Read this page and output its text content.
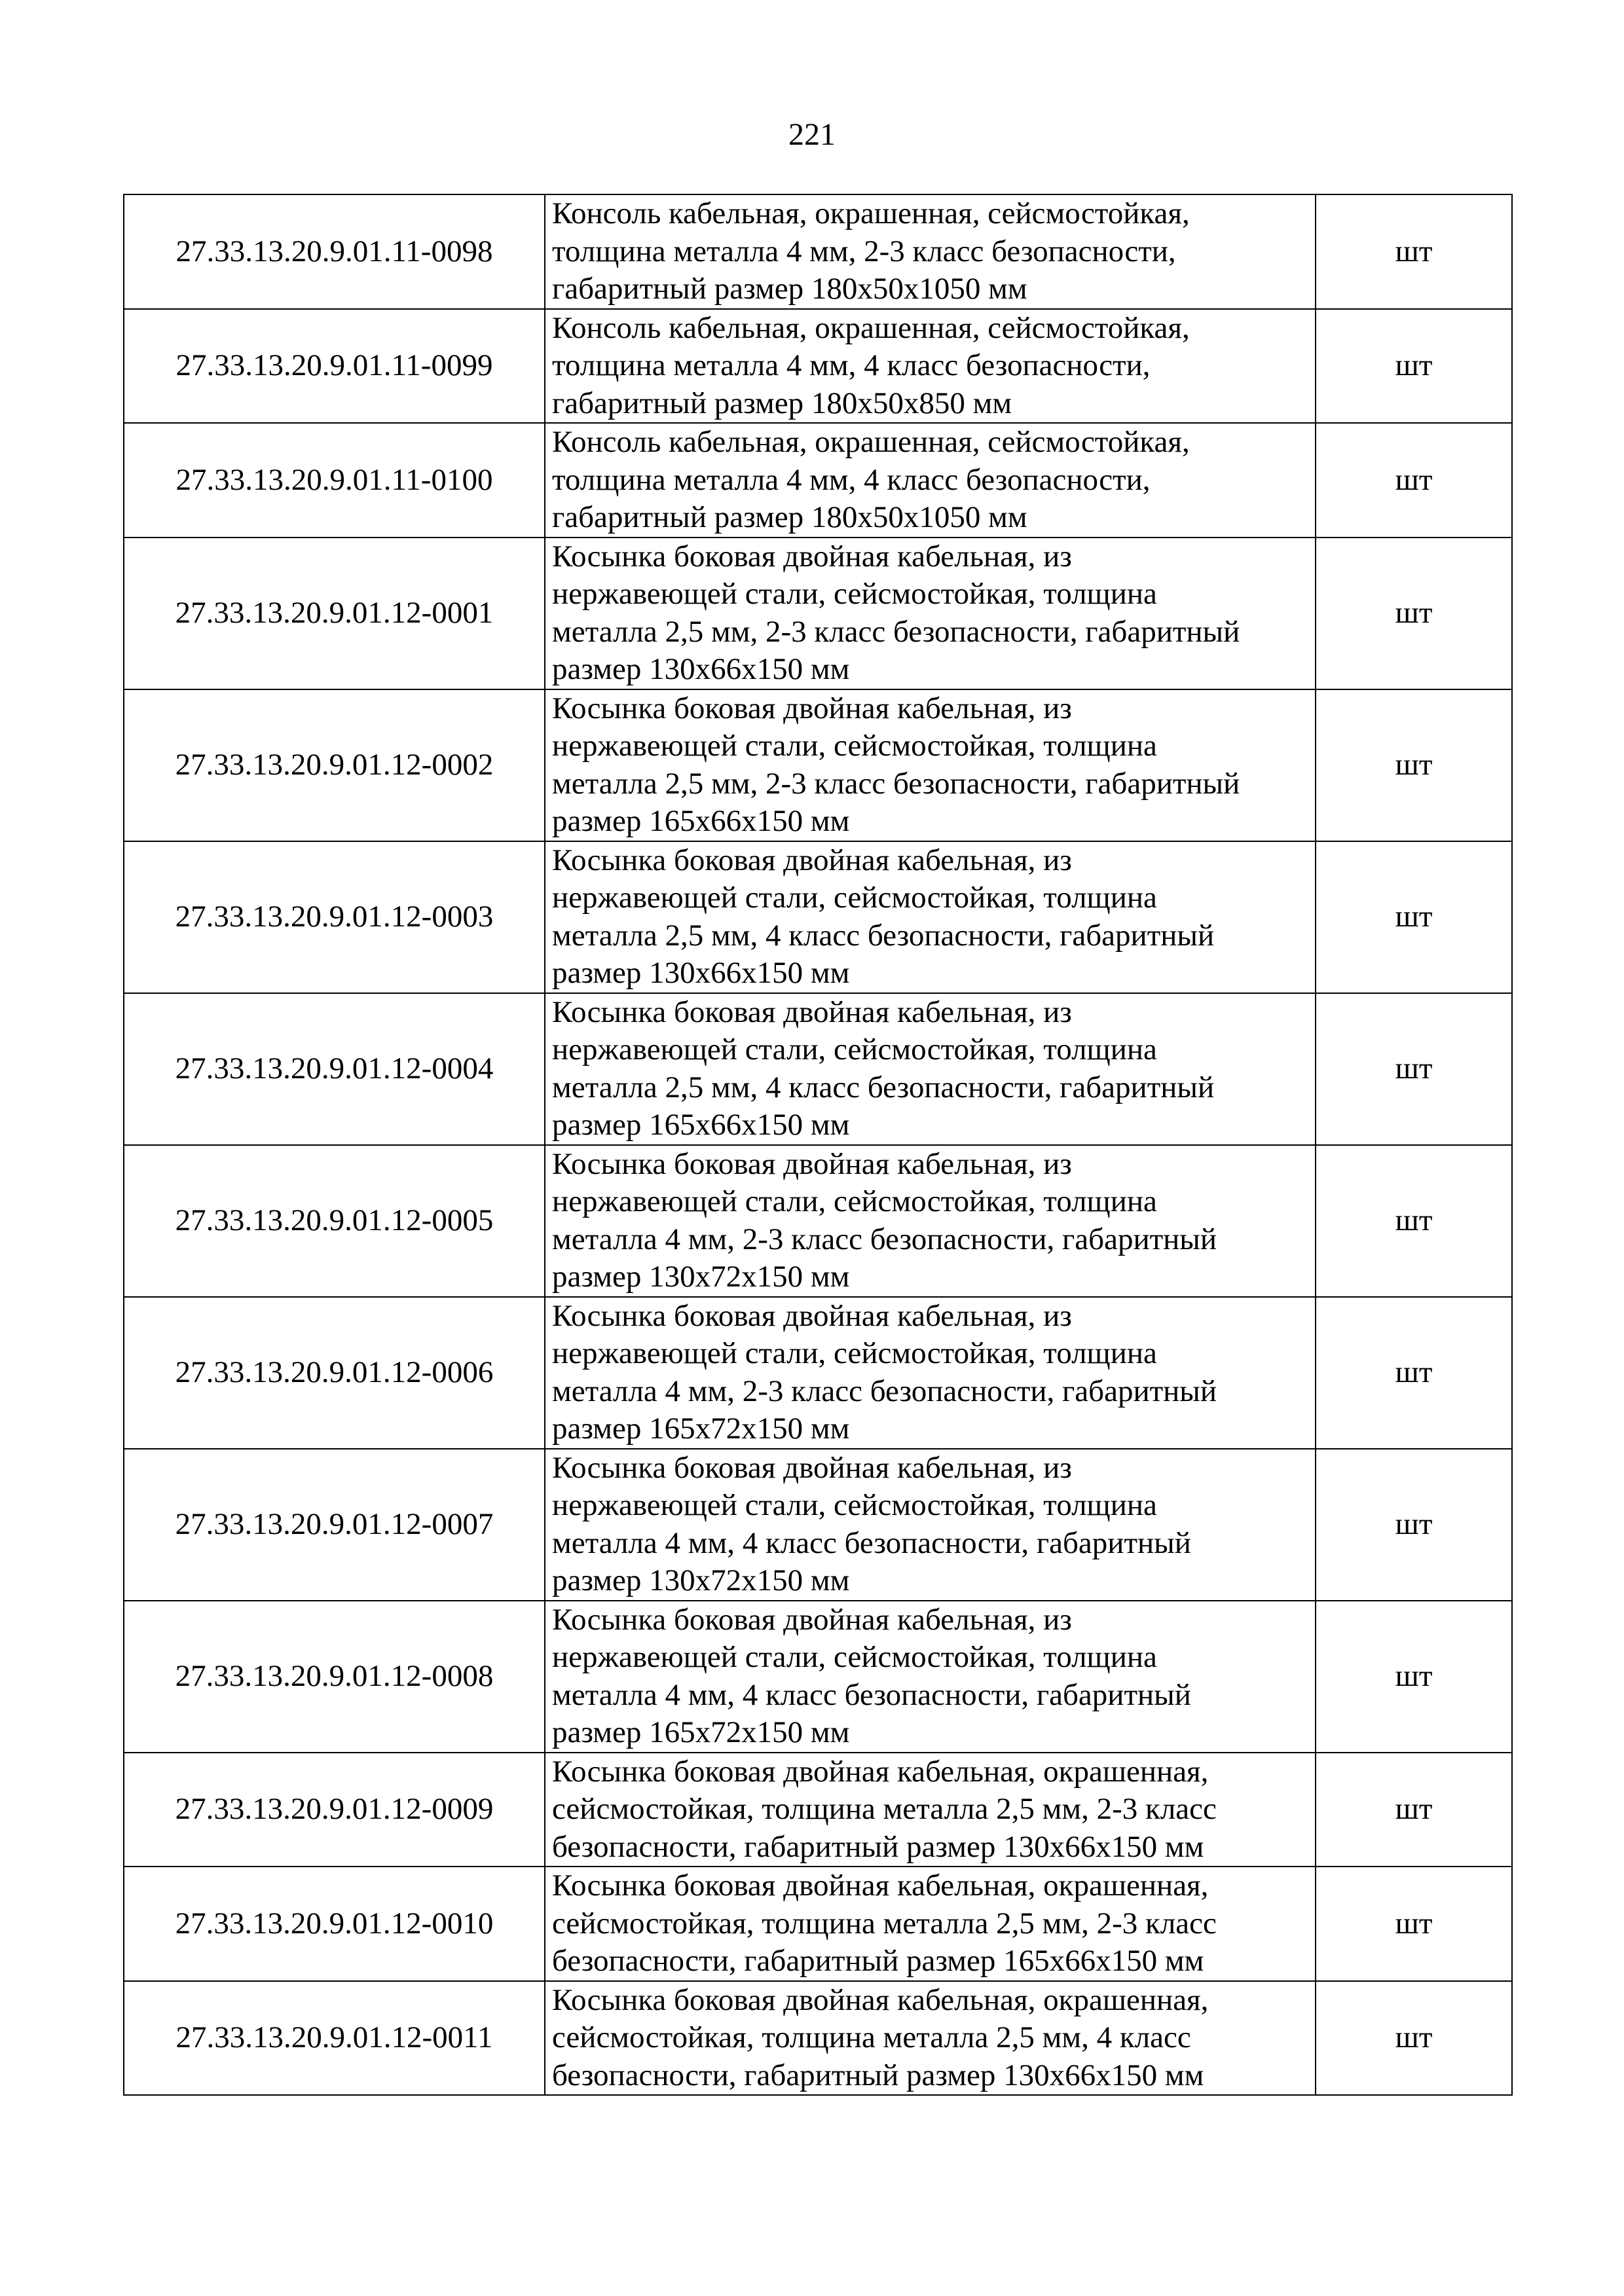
221
27.33.13.20.9.01.11-0098	Консоль кабельная, окрашенная, сейсмостойкая,
толщина металла 4 мм, 2-3 класс безопасности,
габаритный размер 180х50х1050 мм	шт
27.33.13.20.9.01.11-0099	Консоль кабельная, окрашенная, сейсмостойкая,
толщина металла 4 мм, 4 класс безопасности,
габаритный размер 180х50х850 мм	шт
27.33.13.20.9.01.11-0100	Консоль кабельная, окрашенная, сейсмостойкая,
толщина металла 4 мм, 4 класс безопасности,
габаритный размер 180х50х1050 мм	шт
27.33.13.20.9.01.12-0001	Косынка боковая двойная кабельная, из
нержавеющей стали, сейсмостойкая, толщина
металла 2,5 мм, 2-3 класс безопасности, габаритный
размер 130х66х150 мм	шт
27.33.13.20.9.01.12-0002	Косынка боковая двойная кабельная, из
нержавеющей стали, сейсмостойкая, толщина
металла 2,5 мм, 2-3 класс безопасности, габаритный
размер 165х66х150 мм	шт
27.33.13.20.9.01.12-0003	Косынка боковая двойная кабельная, из
нержавеющей стали, сейсмостойкая, толщина
металла 2,5 мм, 4 класс безопасности, габаритный
размер 130х66х150 мм	шт
27.33.13.20.9.01.12-0004	Косынка боковая двойная кабельная, из
нержавеющей стали, сейсмостойкая, толщина
металла 2,5 мм, 4 класс безопасности, габаритный
размер 165х66х150 мм	шт
27.33.13.20.9.01.12-0005	Косынка боковая двойная кабельная, из
нержавеющей стали, сейсмостойкая, толщина
металла 4 мм, 2-3 класс безопасности, габаритный
размер 130х72х150 мм	шт
27.33.13.20.9.01.12-0006	Косынка боковая двойная кабельная, из
нержавеющей стали, сейсмостойкая, толщина
металла 4 мм, 2-3 класс безопасности, габаритный
размер 165х72х150 мм	шт
27.33.13.20.9.01.12-0007	Косынка боковая двойная кабельная, из
нержавеющей стали, сейсмостойкая, толщина
металла 4 мм, 4 класс безопасности, габаритный
размер 130х72х150 мм	шт
27.33.13.20.9.01.12-0008	Косынка боковая двойная кабельная, из
нержавеющей стали, сейсмостойкая, толщина
металла 4 мм, 4 класс безопасности, габаритный
размер 165х72х150 мм	шт
27.33.13.20.9.01.12-0009	Косынка боковая двойная кабельная, окрашенная,
сейсмостойкая, толщина металла 2,5 мм, 2-3 класс
безопасности, габаритный размер 130х66х150 мм	шт
27.33.13.20.9.01.12-0010	Косынка боковая двойная кабельная, окрашенная,
сейсмостойкая, толщина металла 2,5 мм, 2-3 класс
безопасности, габаритный размер 165х66х150 мм	шт
27.33.13.20.9.01.12-0011	Косынка боковая двойная кабельная, окрашенная,
сейсмостойкая, толщина металла 2,5 мм, 4 класс
безопасности, габаритный размер 130х66х150 мм	шт
